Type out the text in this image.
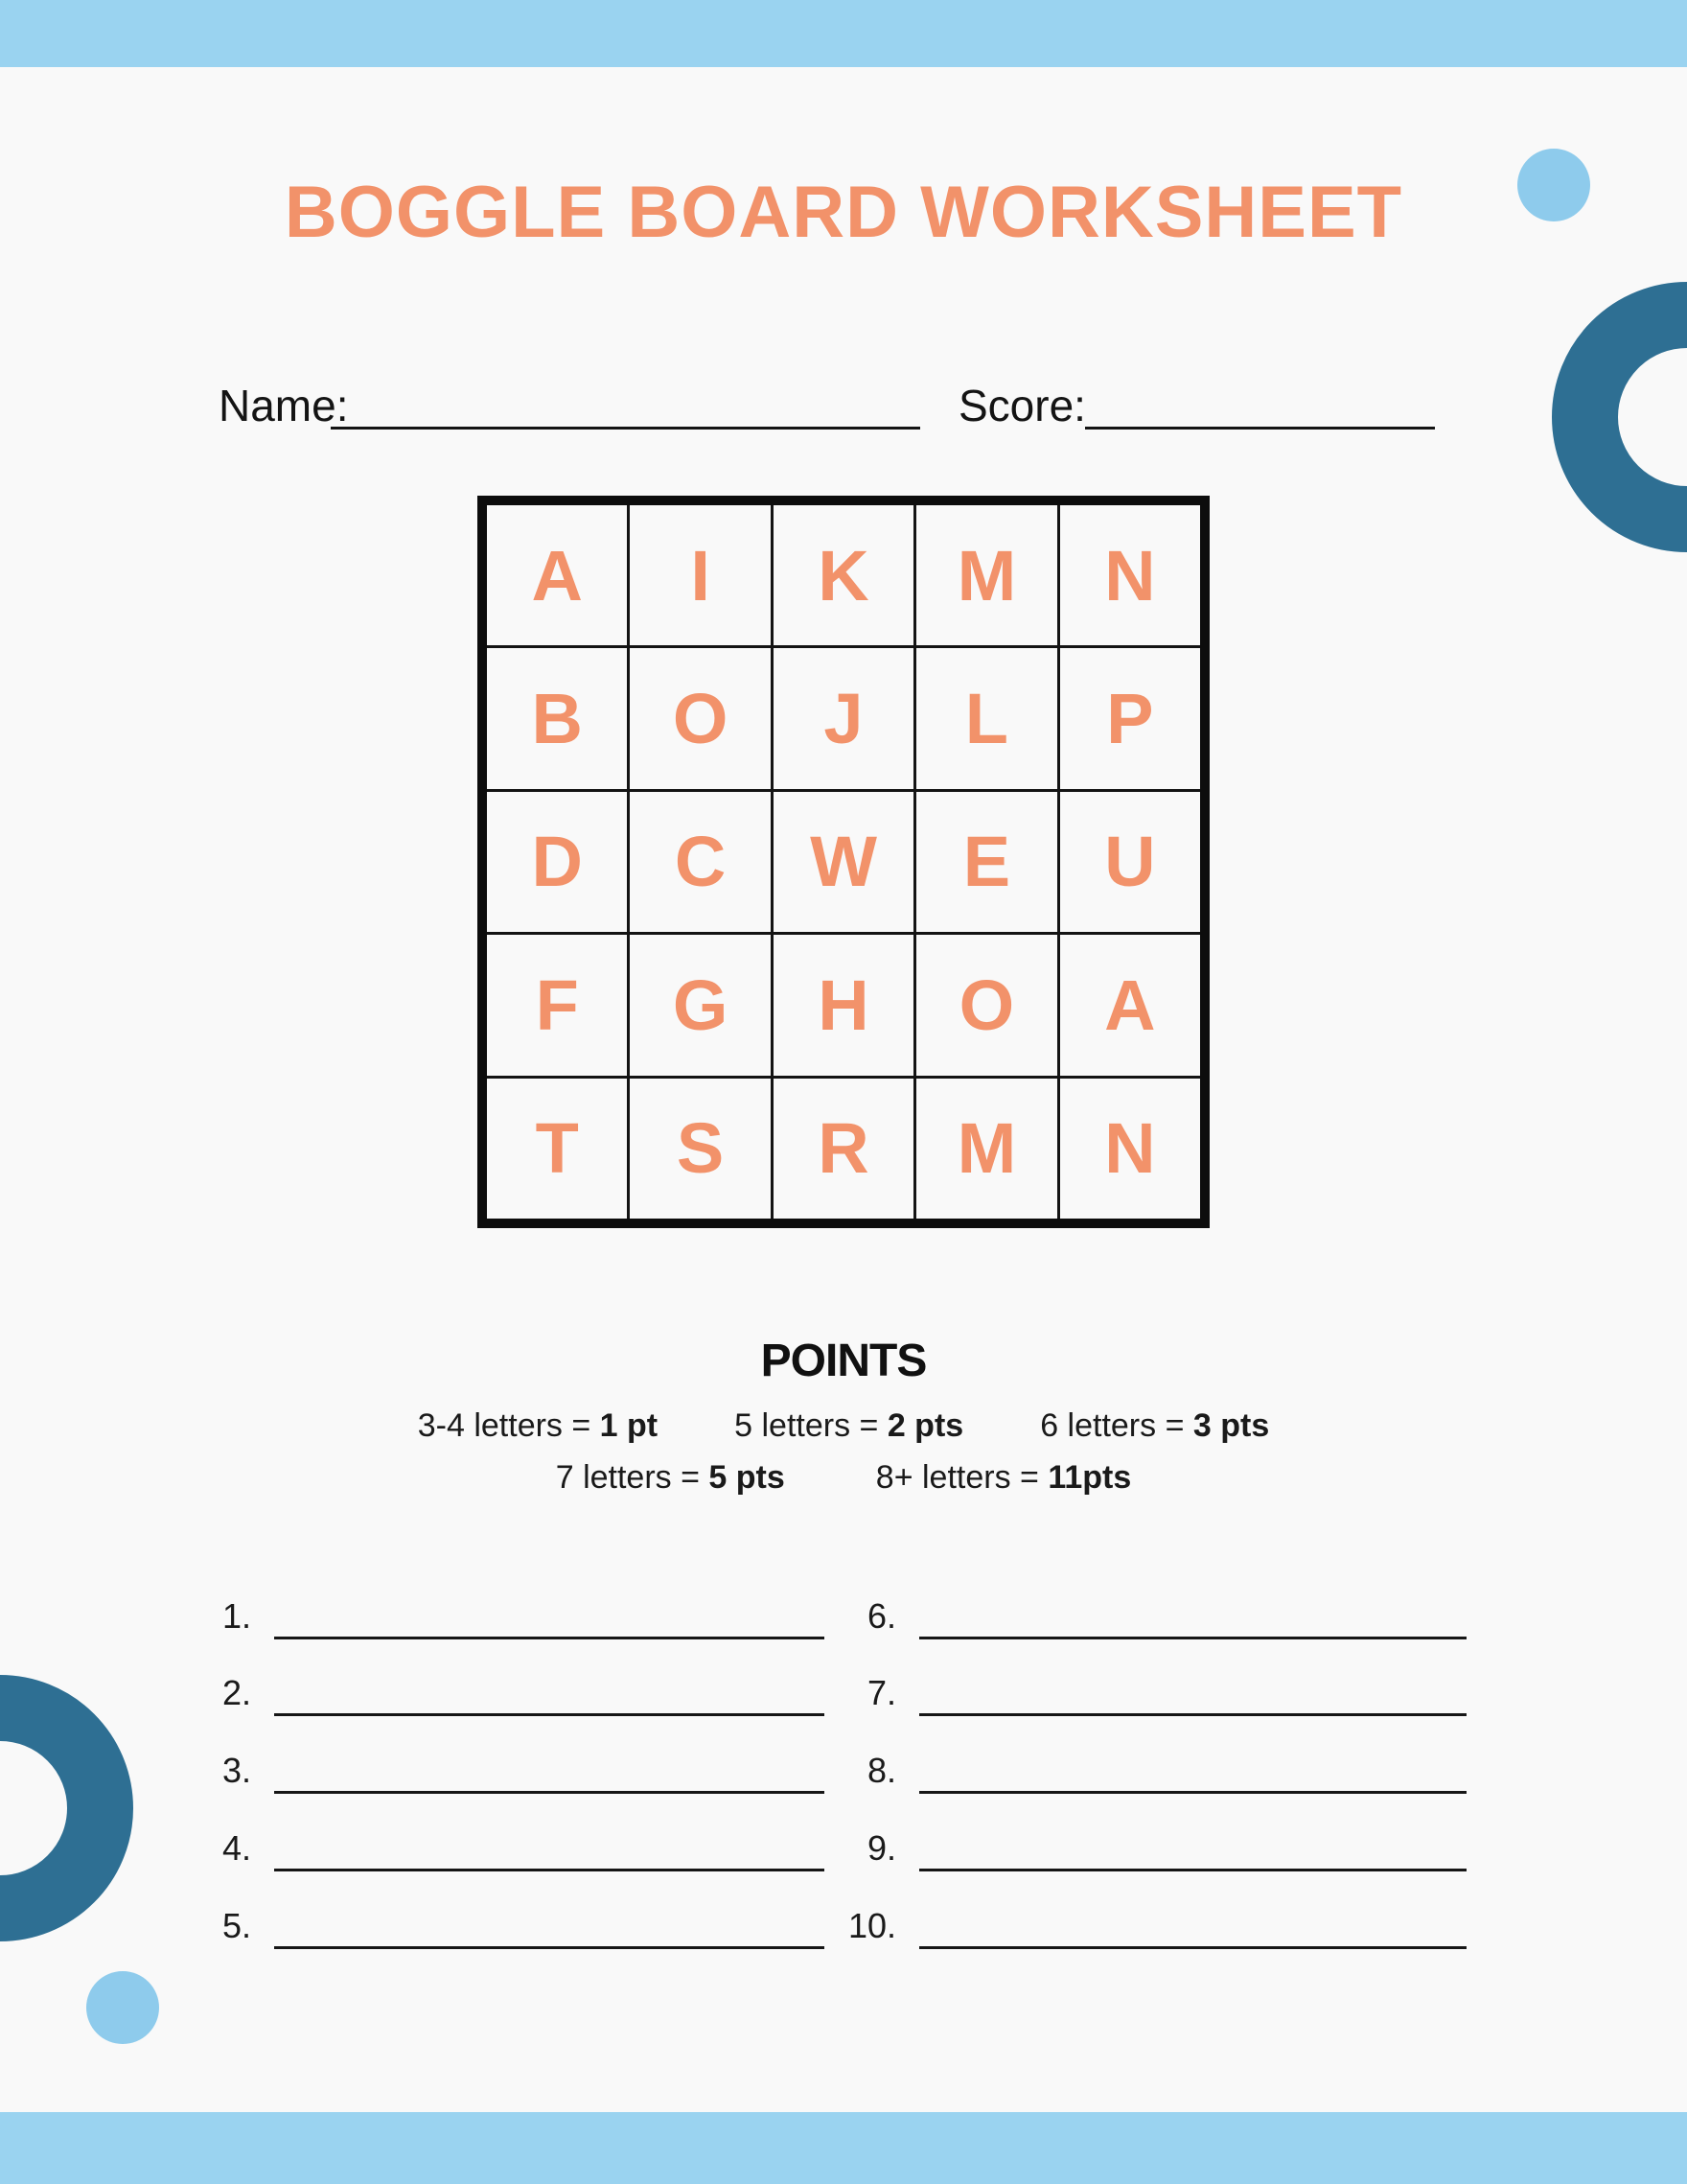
BOGGLE BOARD WORKSHEET
Name:	Score:
A	I	K	M	N
B	O	J	L	P
D	C	W	E	U
F	G	H	O	A
T	S	R	M	N
POINTS
3-4 letters = 1 pt 5 letters = 2 pts 6 letters = 3 pts
7 letters = 5 pts	8+ letters = 11pts
1.
2.
3.
4.
5.
6.
7.
8.
9.
10.
